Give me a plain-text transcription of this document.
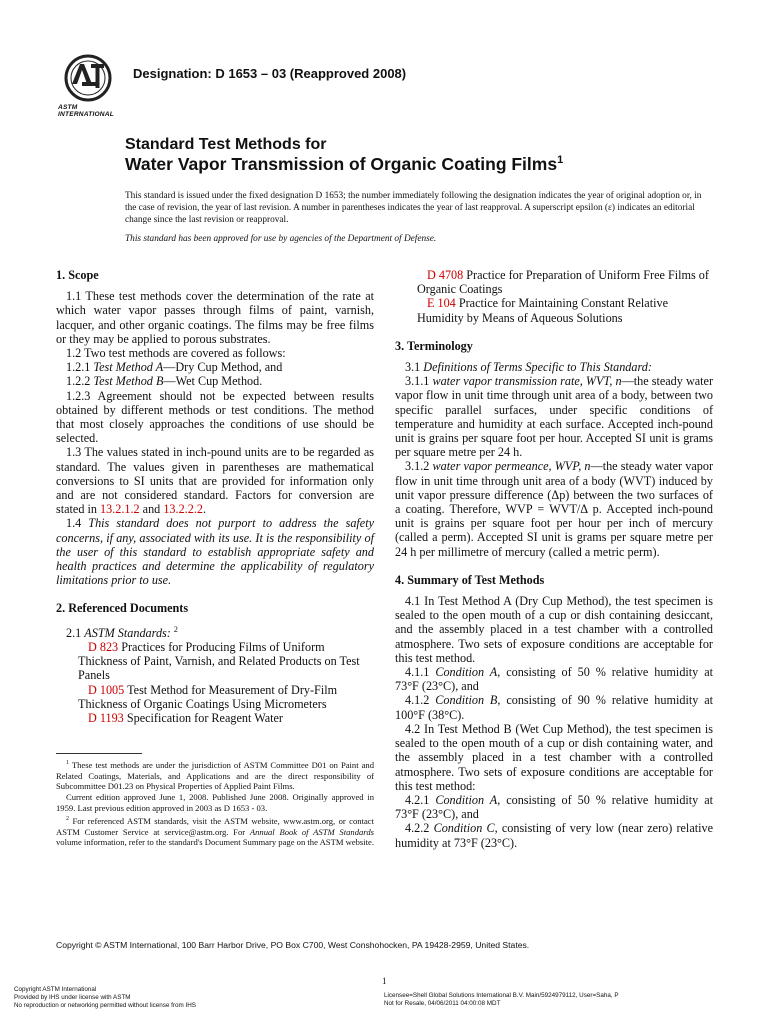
ASTM INTERNATIONAL
Designation: D 1653 – 03 (Reapproved 2008)
Standard Test Methods for
Water Vapor Transmission of Organic Coating Films$^1$
This standard is issued under the fixed designation D 1653; the number immediately following the designation indicates the year of original adoption or, in the case of revision, the year of last revision. A number in parentheses indicates the year of last reapproval. A superscript epsilon (ε) indicates an editorial change since the last revision or reapproval.
This standard has been approved for use by agencies of the Department of Defense.
1. Scope

1.1 These test methods cover the determination of the rate at which water vapor passes through films of paint, varnish, lacquer, and other organic coatings. The films may be free films or they may be applied to porous substrates.

1.2 Two test methods are covered as follows:

1.2.1 Test Method A—Dry Cup Method, and

1.2.2 Test Method B—Wet Cup Method.

1.2.3 Agreement should not be expected between results obtained by different methods or test conditions. The method that most closely approaches the conditions of use should be selected.

1.3 The values stated in inch-pound units are to be regarded as standard. The values given in parentheses are mathematical conversions to SI units that are provided for information only and are not considered standard. Factors for conversion are stated in 13.2.1.2 and 13.2.2.2.

1.4 This standard does not purport to address the safety concerns, if any, associated with its use. It is the responsibility of the user of this standard to establish appropriate safety and health practices and determine the applicability of regulatory limitations prior to use.

2. Referenced Documents

2.1 ASTM Standards: $^2$

D 823 Practices for Producing Films of Uniform Thickness of Paint, Varnish, and Related Products on Test Panels

D 1005 Test Method for Measurement of Dry-Film Thickness of Organic Coatings Using Micrometers

D 1193 Specification for Reagent Water

$^1$ These test methods are under the jurisdiction of ASTM Committee D01 on Paint and Related Coatings, Materials, and Applications and are the direct responsibility of Subcommittee D01.23 on Physical Properties of Applied Paint Films.

Current edition approved June 1, 2008. Published June 2008. Originally approved in 1959. Last previous edition approved in 2003 as D 1653 - 03.

$^2$ For referenced ASTM standards, visit the ASTM website, www.astm.org, or contact ASTM Customer Service at service@astm.org. For Annual Book of ASTM Standards volume information, refer to the standard's Document Summary page on the ASTM website.

D 4708 Practice for Preparation of Uniform Free Films of Organic Coatings

E 104 Practice for Maintaining Constant Relative Humidity by Means of Aqueous Solutions

3. Terminology

3.1 Definitions of Terms Specific to This Standard:

3.1.1 water vapor transmission rate, WVT, n—the steady water vapor flow in unit time through unit area of a body, between two specific parallel surfaces, under specific conditions of temperature and humidity at each surface. Accepted inch-pound unit is grains per square foot per hour. Accepted SI unit is grams per square metre per 24 h.

3.1.2 water vapor permeance, WVP, n—the steady water vapor flow in unit time through unit area of a body (WVT) induced by unit vapor pressure difference (Δp) between the two surfaces of a coating. Therefore, WVP = WVT/Δ p. Accepted inch-pound unit is grains per square foot per hour per inch of mercury (called a perm). Accepted SI unit is grams per square metre per 24 h per millimetre of mercury (called a metric perm).

4. Summary of Test Methods

4.1 In Test Method A (Dry Cup Method), the test specimen is sealed to the open mouth of a cup or dish containing desiccant, and the assembly placed in a test chamber with a controlled atmosphere. Two sets of exposure conditions are acceptable for this test method.

4.1.1 Condition A, consisting of 50 % relative humidity at 73°F (23°C), and

4.1.2 Condition B, consisting of 90 % relative humidity at 100°F (38°C).

4.2 In Test Method B (Wet Cup Method), the test specimen is sealed to the open mouth of a cup or dish containing water, and the assembly placed in a test chamber with a controlled atmosphere. Two sets of exposure conditions are acceptable for this test method:

4.2.1 Condition A, consisting of 50 % relative humidity at 73°F (23°C), and

4.2.2 Condition C, consisting of very low (near zero) relative humidity at 73°F (23°C).

Copyright © ASTM International, 100 Barr Harbor Drive, PO Box C700, West Conshohocken, PA 19428-2959, United States.
1
Copyright ASTM International
Provided by IHS under license with ASTM
No reproduction or networking permitted without license from IHS
Licensee=Shell Global Solutions International B.V. Main/5924979112, User=Saha, P
Not for Resale, 04/06/2011 04:00:08 MDT
